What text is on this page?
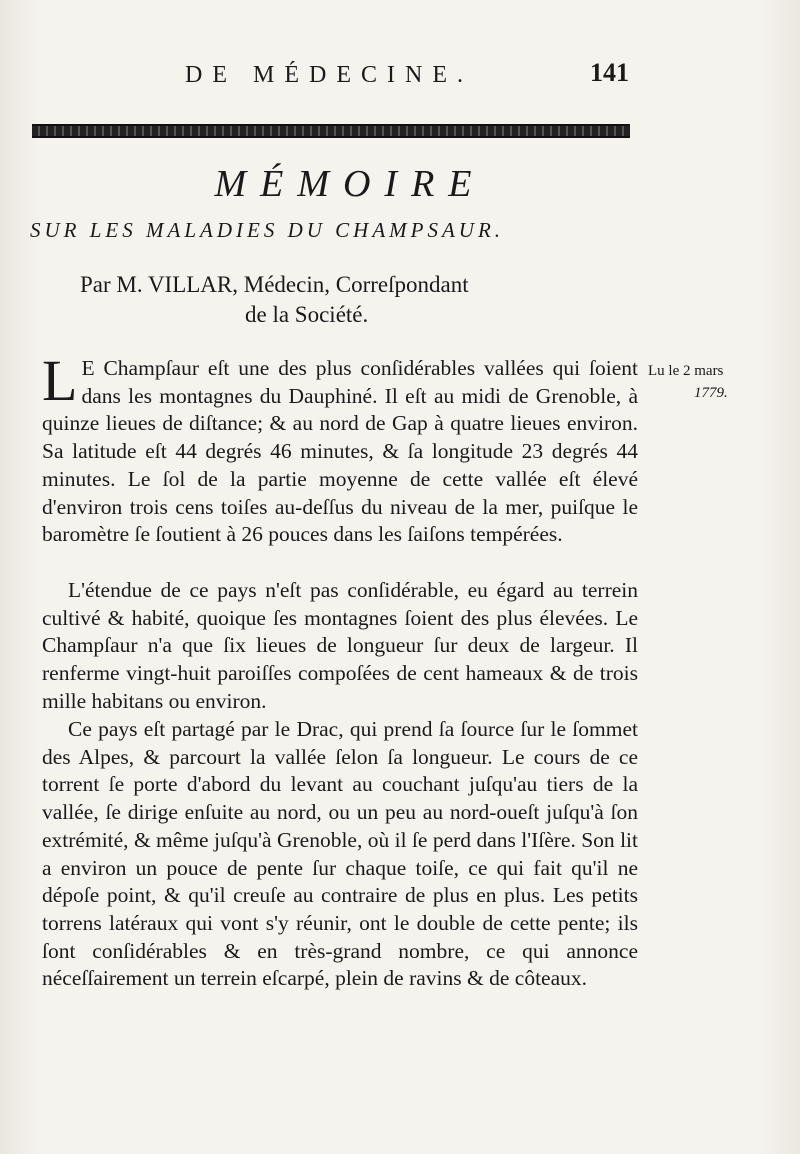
DE MÉDECINE.	141
MÉMOIRE
SUR LES MALADIES DU CHAMPSAUR.
Par M. VILLAR, Médecin, Correſpondant
de la Société.
Lu le 2 mars
1779.

L E Champſaur eſt une des plus conſidérables vallées qui ſoient dans les montagnes du Dauphiné. Il eſt au midi de Grenoble, à quinze lieues de diſtance; & au nord de Gap à quatre lieues environ. Sa latitude eſt 44 degrés 46 minutes, & ſa longitude 23 degrés 44 minutes. Le ſol de la partie moyenne de cette vallée eſt élevé d'environ trois cens toiſes au-deſſus du niveau de la mer, puiſque le baromètre ſe ſoutient à 26 pouces dans les ſaiſons tempérées.

L'étendue de ce pays n'eſt pas conſidérable, eu égard au terrein cultivé & habité, quoique ſes montagnes ſoient des plus élevées. Le Champſaur n'a que ſix lieues de longueur ſur deux de largeur. Il renferme vingt-huit paroiſſes compoſées de cent hameaux & de trois mille habitans ou environ.

Ce pays eſt partagé par le Drac, qui prend ſa ſource ſur le ſommet des Alpes, & parcourt la vallée ſelon ſa longueur. Le cours de ce torrent ſe porte d'abord du levant au couchant juſqu'au tiers de la vallée, ſe dirige enſuite au nord, ou un peu au nord-oueſt juſqu'à ſon extrémité, & même juſqu'à Grenoble, où il ſe perd dans l'Iſère. Son lit a environ un pouce de pente ſur chaque toiſe, ce qui fait qu'il ne dépoſe point, & qu'il creuſe au contraire de plus en plus. Les petits torrens latéraux qui vont s'y réunir, ont le double de cette pente; ils ſont conſidérables & en très-grand nombre, ce qui annonce néceſſairement un terrein eſcarpé, plein de ravins & de côteaux.
